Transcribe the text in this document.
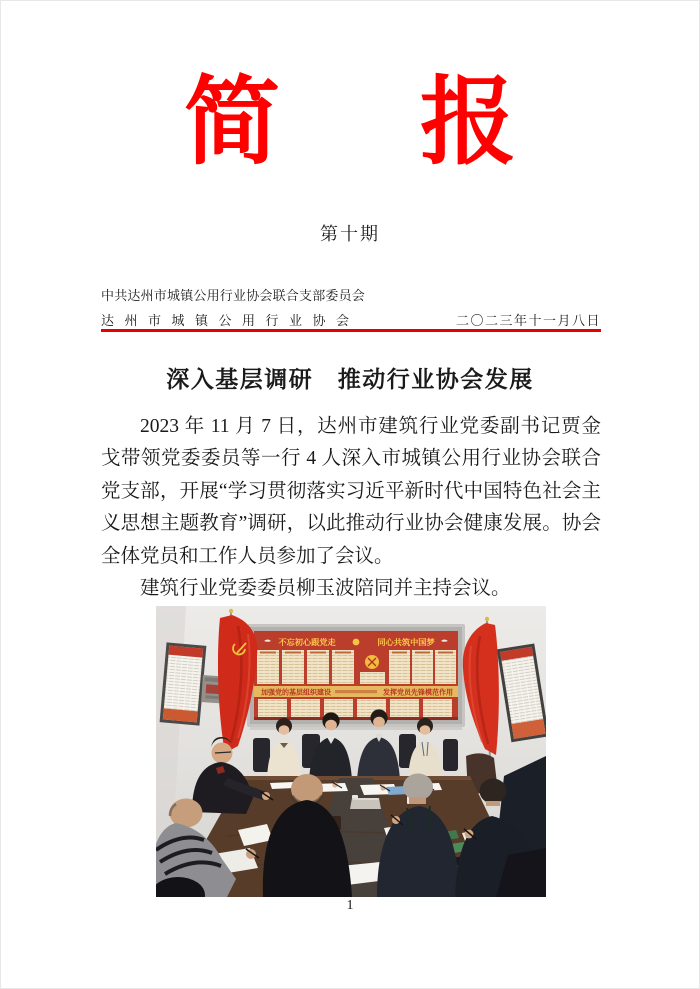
简 报
第十期
中共达州市城镇公用行业协会联合支部委员会
达州市城镇公用行业协会	二〇二三年十一月八日
深入基层调研　推动行业协会发展

2023 年 11 月 7 日，达州市建筑行业党委副书记贾金戈带领党委委员等一行 4 人深入市城镇公用行业协会联合党支部，开展“学习贯彻落实习近平新时代中国特色社会主义思想主题教育”调研，以此推动行业协会健康发展。协会全体党员和工作人员参加了会议。

建筑行业党委委员柳玉波陪同并主持会议。

不忘初心跟党走	同心共筑中国梦
加强党的基层组织建设	发挥党员先锋模范作用
1
